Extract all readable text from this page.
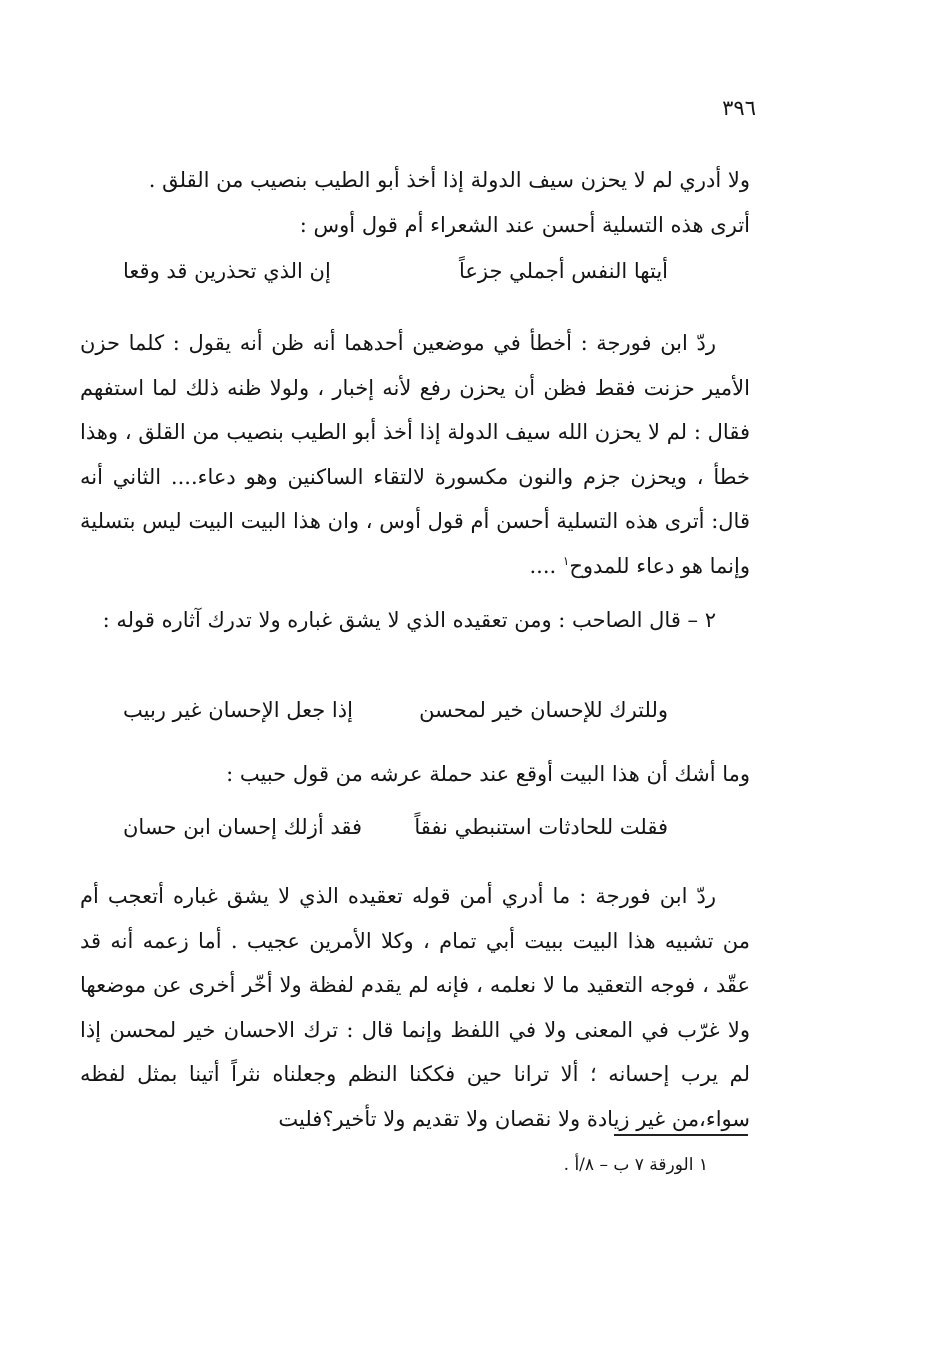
٣٩٦

ولا أدري لم لا يحزن سيف الدولة إذا أخذ أبو الطيب بنصيب من القلق .

أترى هذه التسلية أحسن عند الشعراء أم قول أوس :

أيتها النفس أجملي جزعاً
إن الذي تحذرين قد وقعا

ردّ ابن فورجة : أخطأ في موضعين أحدهما أنه ظن أنه يقول : كلما حزن الأمير حزنت فقط فظن أن يحزن رفع لأنه إخبار ، ولولا ظنه ذلك لما استفهم فقال : لم لا يحزن الله سيف الدولة إذا أخذ أبو الطيب بنصيب من القلق ، وهذا خطأ ، ويحزن جزم والنون مكسورة لالتقاء الساكنين وهو دعاء.... الثاني أنه قال: أترى هذه التسلية أحسن أم قول أوس ، وان هذا البيت البيت ليس بتسلية وإنما هو دعاء للمدوح$^١$ ....

٢ – قال الصاحب : ومن تعقيده الذي لا يشق غباره ولا تدرك آثاره قوله :

وللترك للإحسان خير لمحسن
إذا جعل الإحسان غير ربيب

وما أشك أن هذا البيت أوقع عند حملة عرشه من قول حبيب :

فقلت للحادثات استنبطي نفقاً
فقد أزلك إحسان ابن حسان

ردّ ابن فورجة : ما أدري أمن قوله تعقيده الذي لا يشق غباره أتعجب أم من تشبيه هذا البيت ببيت أبي تمام ، وكلا الأمرين عجيب . أما زعمه أنه قد عقّد ، فوجه التعقيد ما لا نعلمه ، فإنه لم يقدم لفظة ولا أخّر أخرى عن موضعها ولا غرّب في المعنى ولا في اللفظ وإنما قال : ترك الاحسان خير لمحسن إذا لم يرب إحسانه ؛ ألا ترانا حين فككنا النظم وجعلناه نثراً أتينا بمثل لفظه سواء،من غير زيادة ولا نقصان ولا تقديم ولا تأخير؟فليت

١ الورقة ٧ ب – ٨/أ .
